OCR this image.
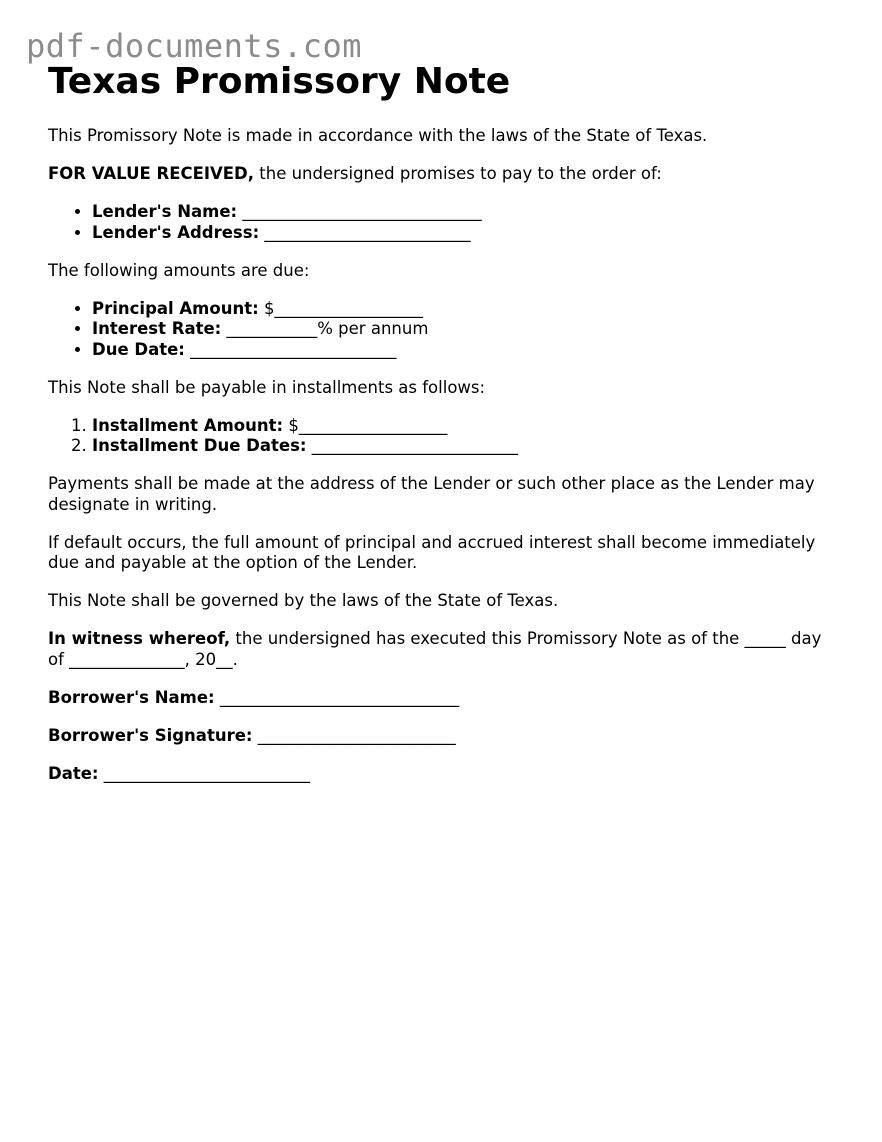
pdf-documents.com
Texas Promissory Note

This Promissory Note is made in accordance with the laws of the State of Texas.

FOR VALUE RECEIVED, the undersigned promises to pay to the order of:

• Lender's Name: _____________________________
• Lender's Address: _________________________

The following amounts are due:

• Principal Amount: $__________________
• Interest Rate: ___________% per annum
• Due Date: _________________________

This Note shall be payable in installments as follows:

1. Installment Amount: $__________________
2. Installment Due Dates: _________________________

Payments shall be made at the address of the Lender or such other place as the Lender may designate in writing.

If default occurs, the full amount of principal and accrued interest shall become immediately due and payable at the option of the Lender.

This Note shall be governed by the laws of the State of Texas.

In witness whereof, the undersigned has executed this Promissory Note as of the _____ day of ______________, 20__.

Borrower's Name: _____________________________

Borrower's Signature: ________________________

Date: _________________________
